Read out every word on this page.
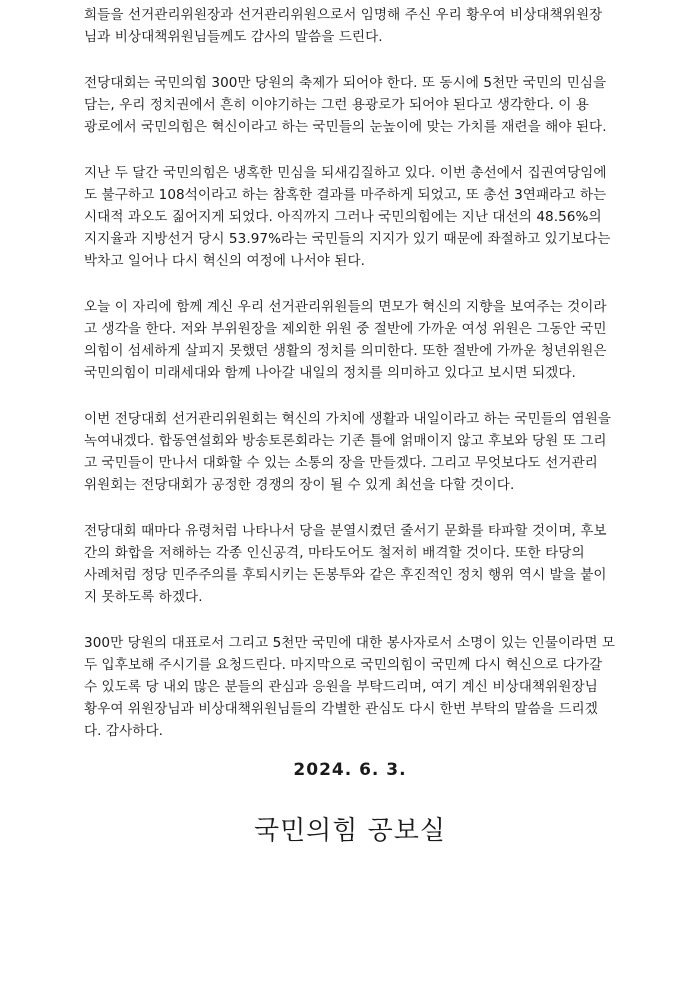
희들을 선거관리위원장과 선거관리위원으로서 임명해 주신 우리 황우여 비상대책위원장
님과 비상대책위원님들께도 감사의 말씀을 드린다.

전당대회는 국민의힘 300만 당원의 축제가 되어야 한다. 또 동시에 5천만 국민의 민심을
담는, 우리 정치권에서 흔히 이야기하는 그런 용광로가 되어야 된다고 생각한다. 이 용
광로에서 국민의힘은 혁신이라고 하는 국민들의 눈높이에 맞는 가치를 재련을 해야 된다.

지난 두 달간 국민의힘은 냉혹한 민심을 되새김질하고 있다. 이번 총선에서 집권여당임에
도 불구하고 108석이라고 하는 참혹한 결과를 마주하게 되었고, 또 총선 3연패라고 하는
시대적 과오도 짊어지게 되었다. 아직까지 그러나 국민의힘에는 지난 대선의 48.56%의
지지율과 지방선거 당시 53.97%라는 국민들의 지지가 있기 때문에 좌절하고 있기보다는
박차고 일어나 다시 혁신의 여정에 나서야 된다.

오늘 이 자리에 함께 계신 우리 선거관리위원들의 면모가 혁신의 지향을 보여주는 것이라
고 생각을 한다. 저와 부위원장을 제외한 위원 중 절반에 가까운 여성 위원은 그동안 국민
의힘이 섬세하게 살피지 못했던 생활의 정치를 의미한다. 또한 절반에 가까운 청년위원은
국민의힘이 미래세대와 함께 나아갈 내일의 정치를 의미하고 있다고 보시면 되겠다.

이번 전당대회 선거관리위원회는 혁신의 가치에 생활과 내일이라고 하는 국민들의 염원을
녹여내겠다. 합동연설회와 방송토론회라는 기존 틀에 얽매이지 않고 후보와 당원 또 그리
고 국민들이 만나서 대화할 수 있는 소통의 장을 만들겠다. 그리고 무엇보다도 선거관리
위원회는 전당대회가 공정한 경쟁의 장이 될 수 있게 최선을 다할 것이다.

전당대회 때마다 유령처럼 나타나서 당을 분열시켰던 줄서기 문화를 타파할 것이며, 후보
간의 화합을 저해하는 각종 인신공격, 마타도어도 철저히 배격할 것이다. 또한 타당의
사례처럼 정당 민주주의를 후퇴시키는 돈봉투와 같은 후진적인 정치 행위 역시 발을 붙이
지 못하도록 하겠다.

300만 당원의 대표로서 그리고 5천만 국민에 대한 봉사자로서 소명이 있는 인물이라면 모
두 입후보해 주시기를 요청드린다. 마지막으로 국민의힘이 국민께 다시 혁신으로 다가갈
수 있도록 당 내외 많은 분들의 관심과 응원을 부탁드리며, 여기 계신 비상대책위원장님
황우여 위원장님과 비상대책위원님들의 각별한 관심도 다시 한번 부탁의 말씀을 드리겠
다. 감사하다.

2024. 6. 3.
국민의힘 공보실
